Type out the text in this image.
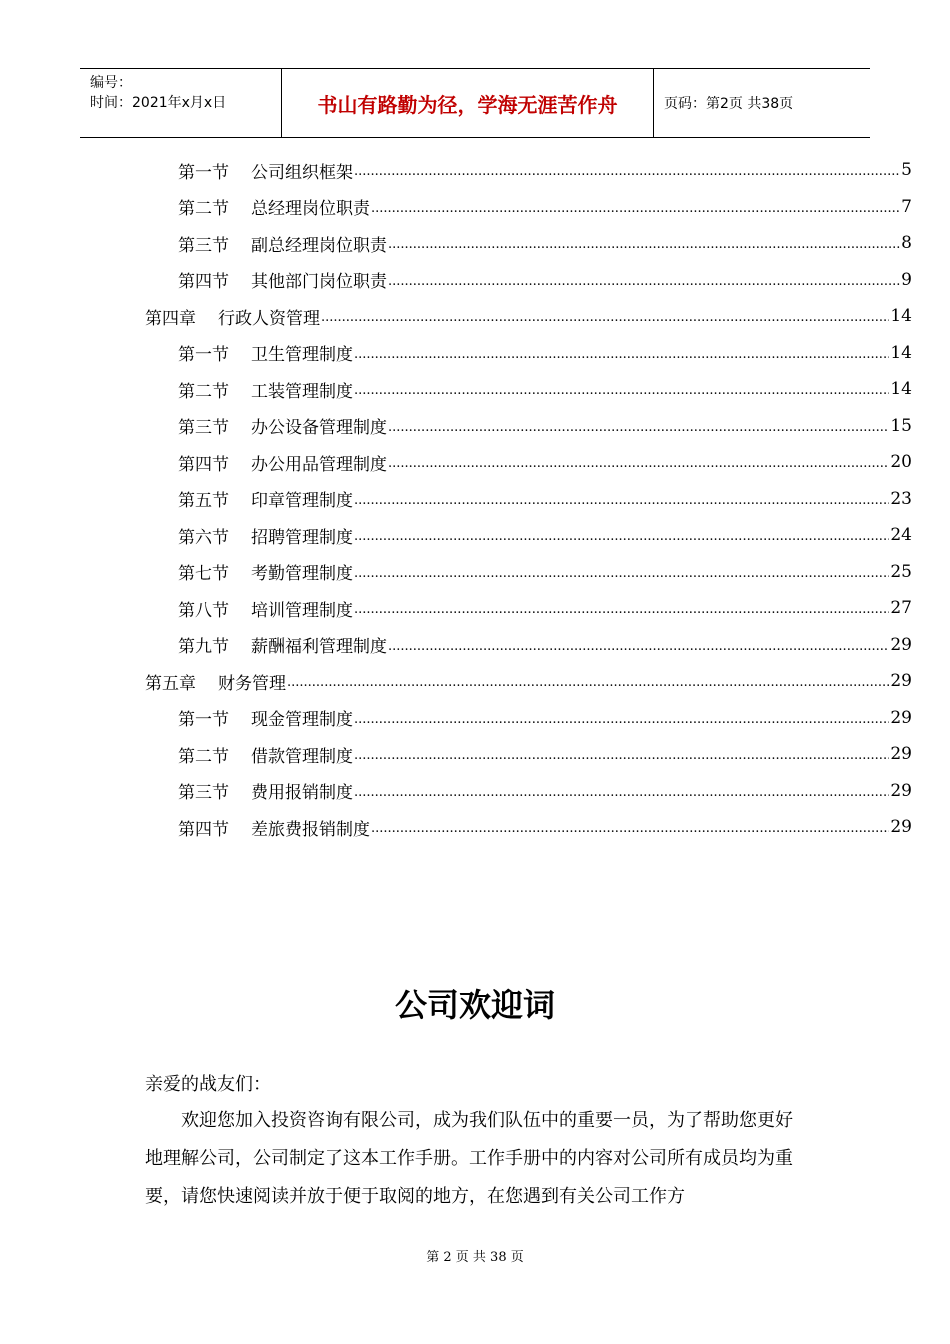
编号：
时间：2021年x月x日	书山有路勤为径，学海无涯苦作舟	页码：第2页 共38页
第一节 公司组织框架 .....	5
第二节 总经理岗位职责 .....	7
第三节 副总经理岗位职责 .....	8
第四节 其他部门岗位职责 .....	9
第四章 行政人资管理 .....	14
第一节 卫生管理制度 .....	14
第二节 工装管理制度 .....	14
第三节 办公设备管理制度 .....	15
第四节 办公用品管理制度 .....	20
第五节 印章管理制度 .....	23
第六节 招聘管理制度 .....	24
第七节 考勤管理制度 .....	25
第八节 培训管理制度 .....	27
第九节 薪酬福利管理制度 .....	29
第五章 财务管理 .....	29
第一节 现金管理制度 .....	29
第二节 借款管理制度 .....	29
第三节 费用报销制度 .....	29
第四节 差旅费报销制度 .....	29
公司欢迎词
亲爱的战友们：
欢迎您加入投资咨询有限公司，成为我们队伍中的重要一员，为了帮助您更好地理解公司，公司制定了这本工作手册。工作手册中的内容对公司所有成员均为重要，请您快速阅读并放于便于取阅的地方，在您遇到有关公司工作方
第 2 页 共 38 页
